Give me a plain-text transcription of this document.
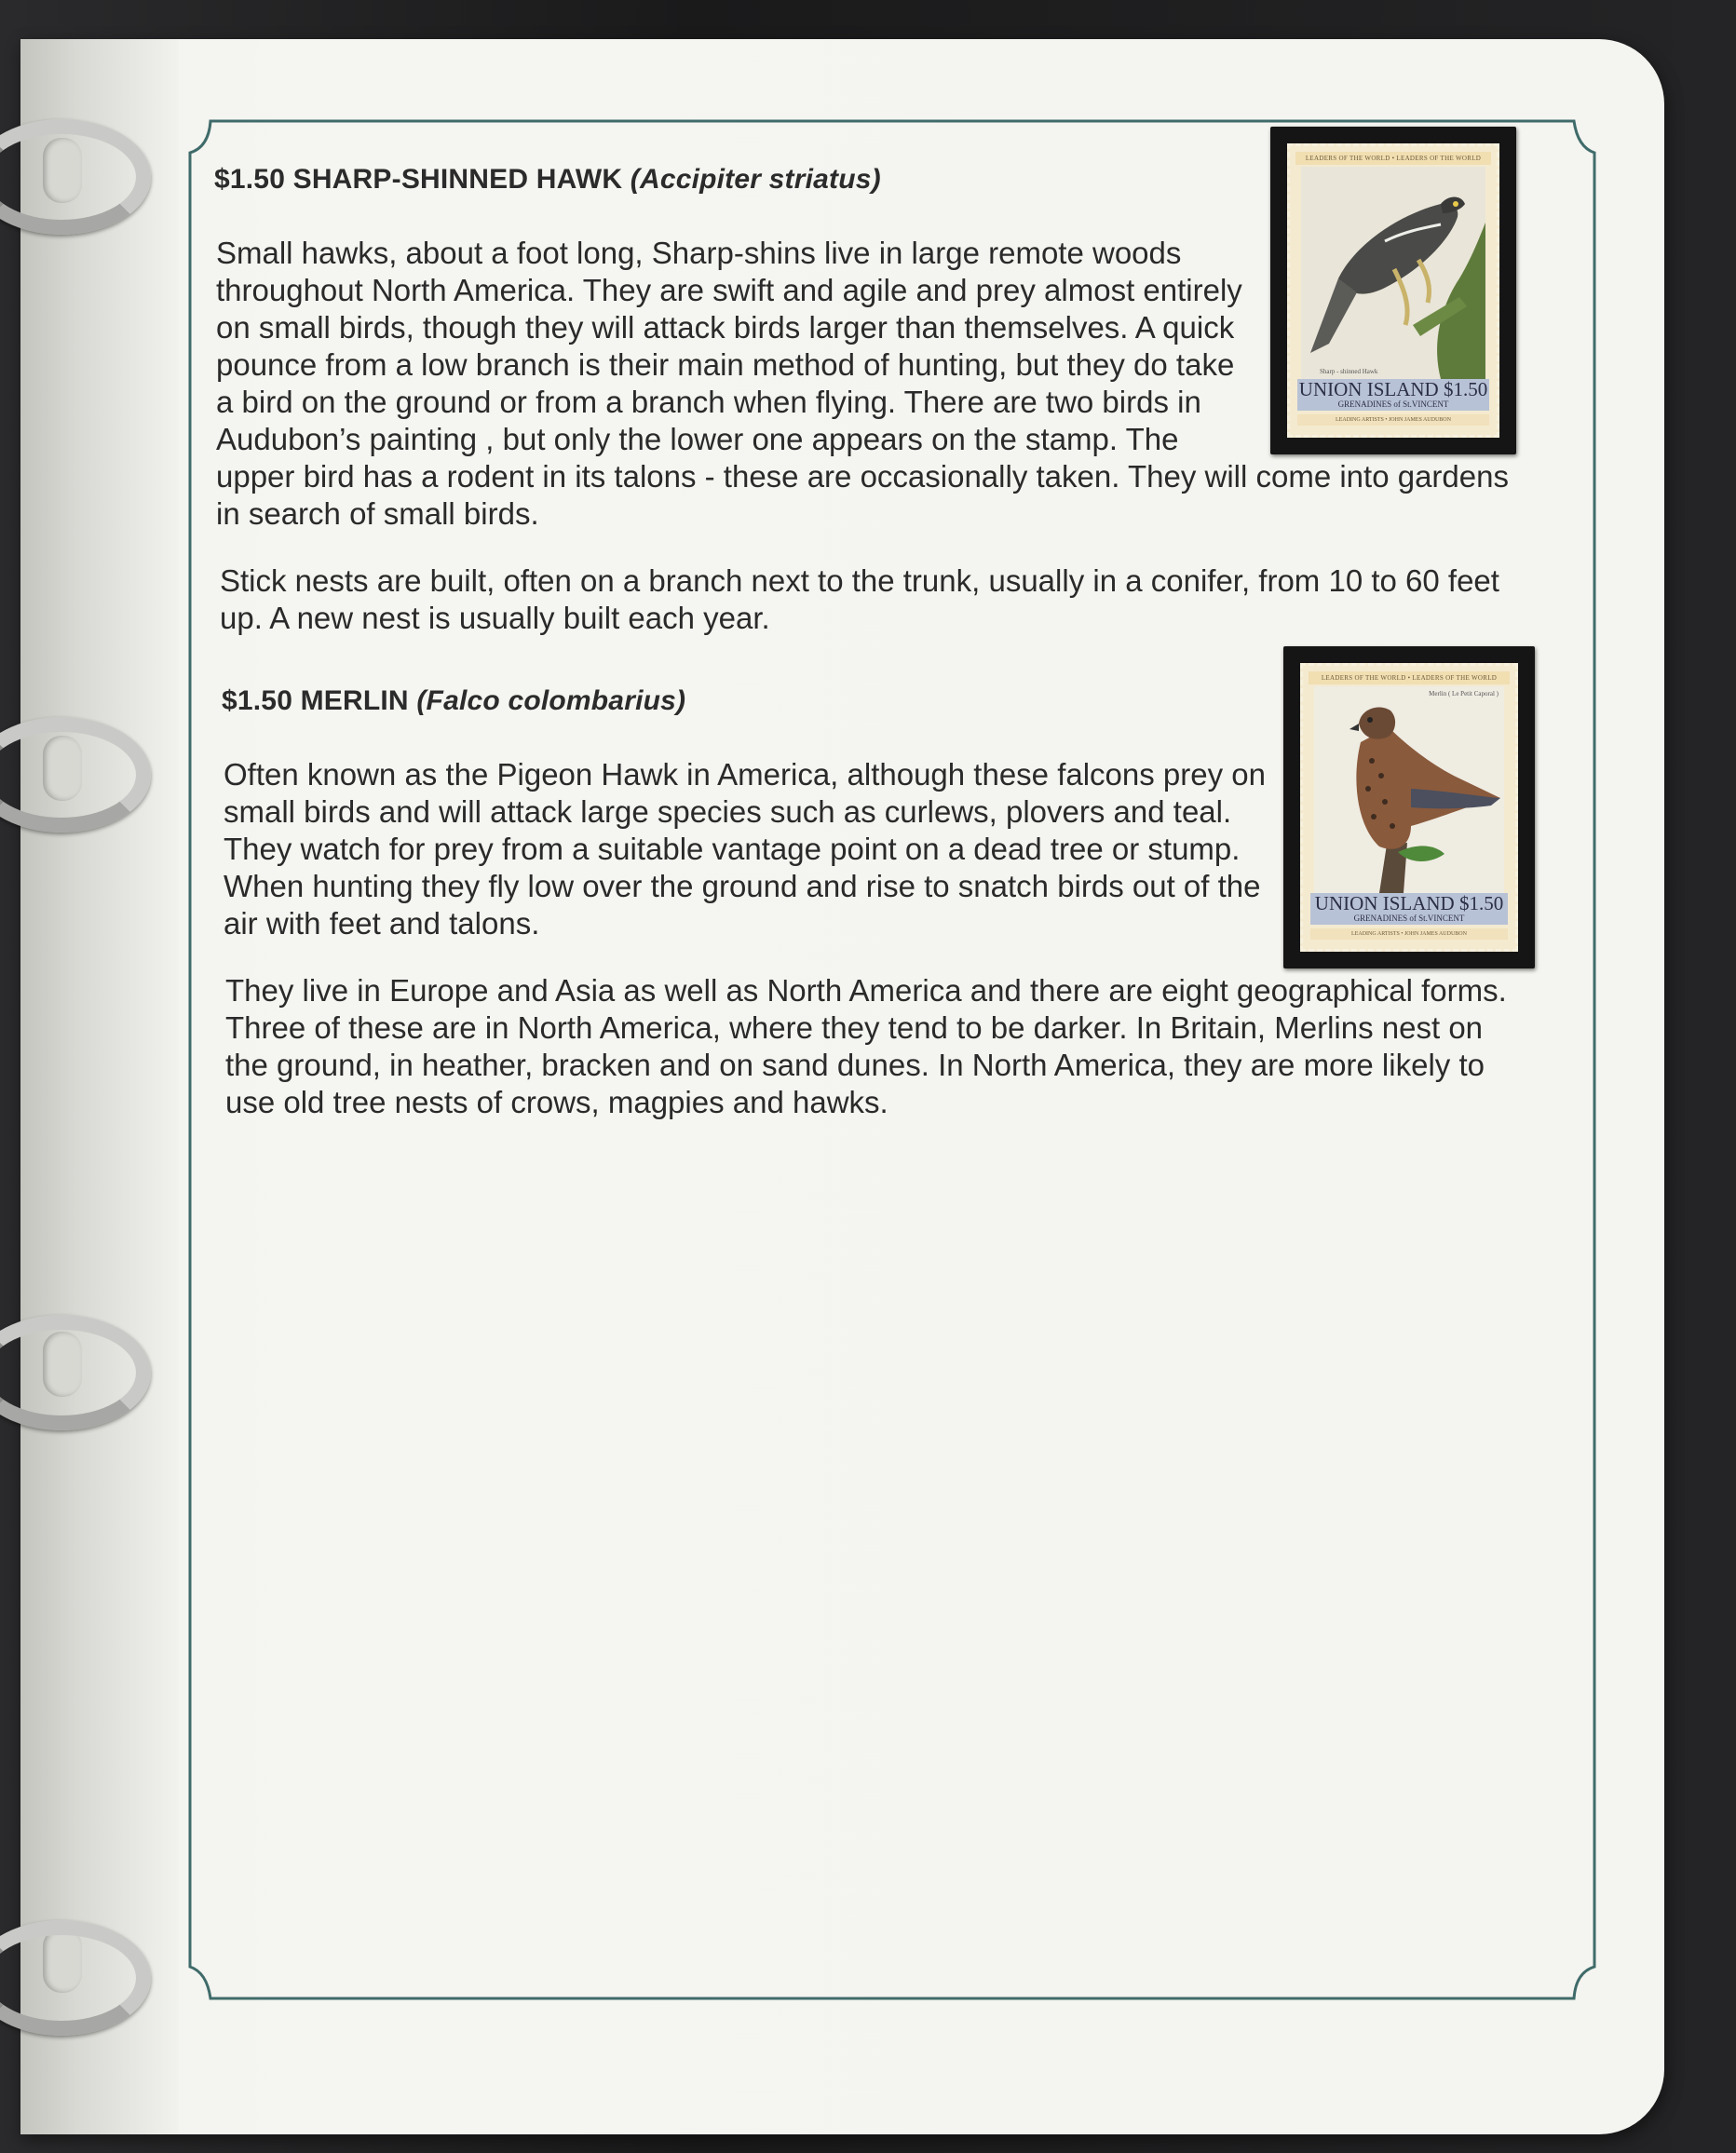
$1.50 SHARP-SHINNED HAWK (Accipiter striatus)

Small hawks, about a foot long, Sharp-shins live in large remote woods

throughout North America. They are swift and agile and prey almost entirely

on small birds, though they will attack birds larger than themselves. A quick

pounce from a low branch is their main method of hunting, but they do take

a bird on the ground or from a branch when flying. There are two birds in

Audubon’s painting , but only the lower one appears on the stamp. The

upper bird has a rodent in its talons - these are occasionally taken. They will come into gardens

in search of small birds.

Stick nests are built, often on a branch next to the trunk, usually in a conifer, from 10 to 60 feet

up. A new nest is usually built each year.

LEADERS OF THE WORLD • LEADERS OF THE WORLD
Sharp - shinned Hawk
UNION ISLAND $1.50
GRENADINES of St.VINCENT
LEADING ARTISTS • JOHN JAMES AUDUBON
$1.50 MERLIN (Falco colombarius)

Often known as the Pigeon Hawk in America, although these falcons prey on

small birds and will attack large species such as curlews, plovers and teal.

They watch for prey from a suitable vantage point on a dead tree or stump.

When hunting they fly low over the ground and rise to snatch birds out of the

air with feet and talons.

They live in Europe and Asia as well as North America and there are eight geographical forms.

Three of these are in North America, where they tend to be darker. In Britain, Merlins nest on

the ground, in heather, bracken and on sand dunes. In North America, they are more likely to

use old tree nests of crows, magpies and hawks.

LEADERS OF THE WORLD • LEADERS OF THE WORLD
Merlin ( Le Petit Caporal )
UNION ISLAND $1.50
GRENADINES of St.VINCENT
LEADING ARTISTS • JOHN JAMES AUDUBON
